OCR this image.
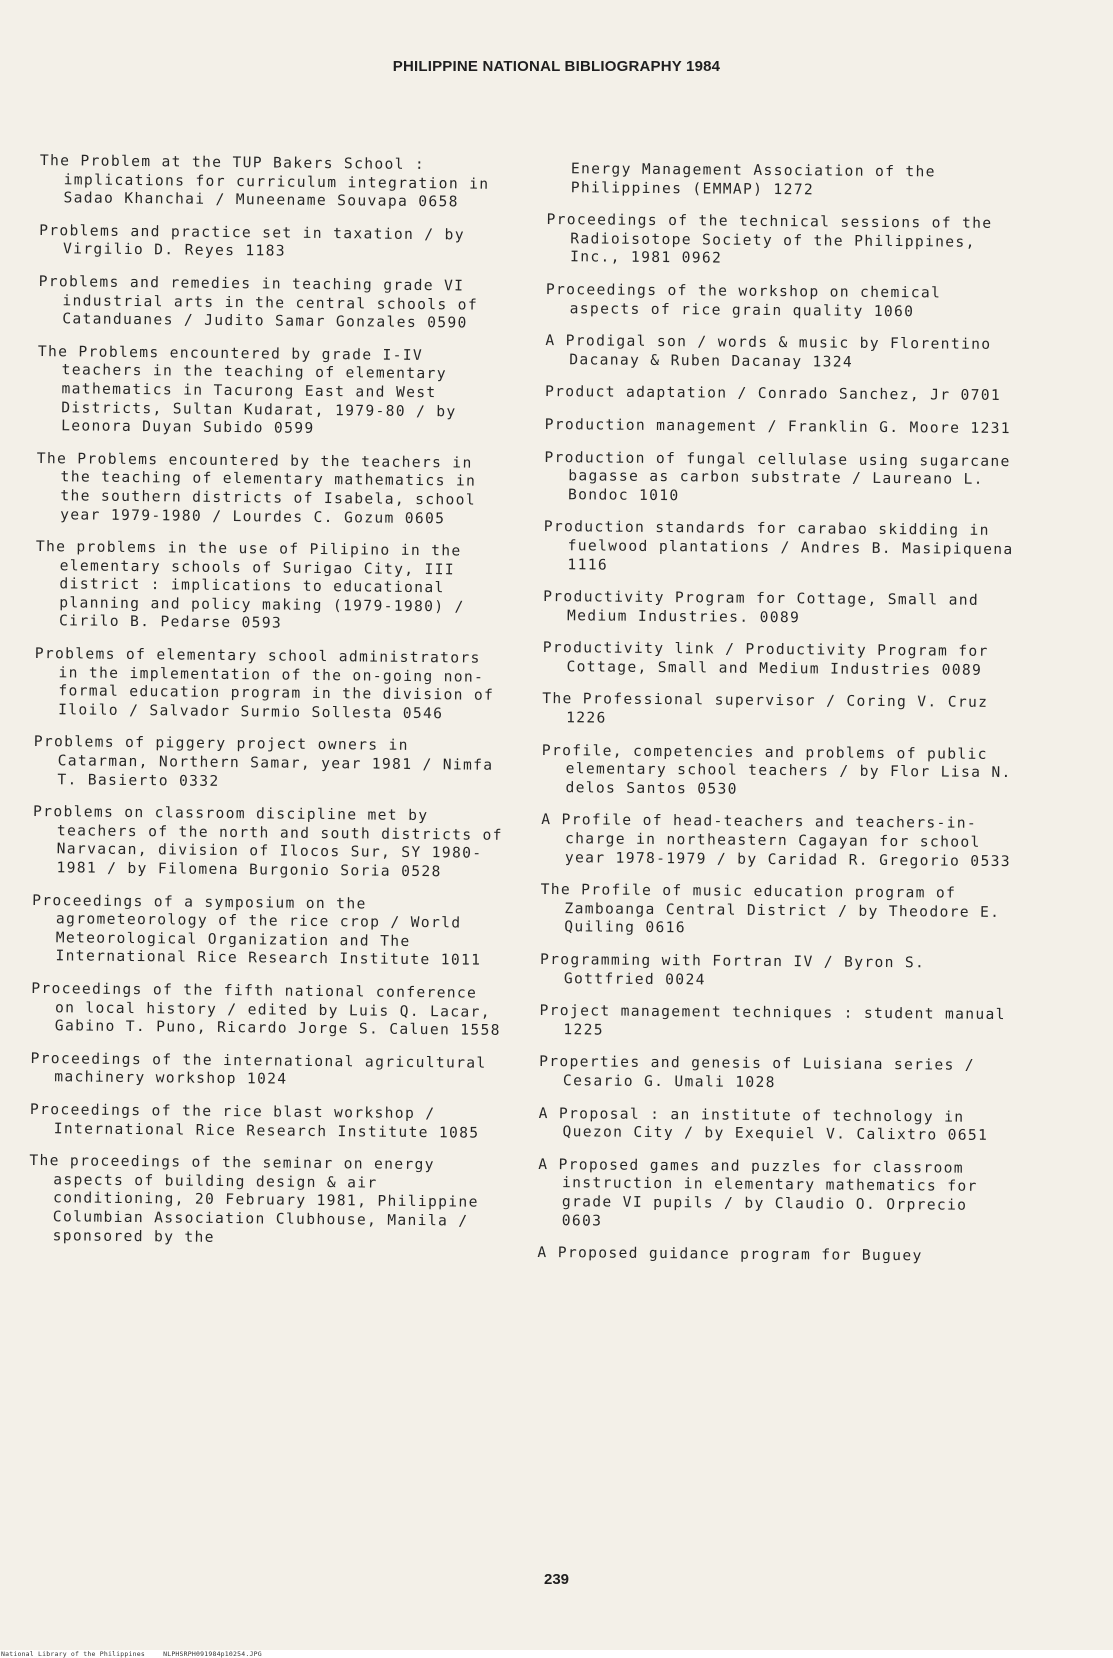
PHILIPPINE NATIONAL BIBLIOGRAPHY 1984

The Problem at the TUP Bakers School : implications for curriculum integration in Sadao Khanchai / Muneename Souvapa 0658

Problems and practice set in taxation / by Virgilio D. Reyes 1183

Problems and remedies in teaching grade VI industrial arts in the central schools of Catanduanes / Judito Samar Gonzales 0590

The Problems encountered by grade I-IV teachers in the teaching of elementary mathematics in Tacurong East and West Districts, Sultan Kudarat, 1979-80 / by Leonora Duyan Subido 0599

The Problems encountered by the teachers in the teaching of elementary mathematics in the southern districts of Isabela, school year 1979-1980 / Lourdes C. Gozum 0605

The problems in the use of Pilipino in the elementary schools of Surigao City, III district : implications to educational planning and policy making (1979-1980) / Cirilo B. Pedarse 0593

Problems of elementary school administrators in the implementation of the on-going non-formal education program in the division of Iloilo / Salvador Surmio Sollesta 0546

Problems of piggery project owners in Catarman, Northern Samar, year 1981 / Nimfa T. Basierto 0332

Problems on classroom discipline met by teachers of the north and south districts of Narvacan, division of Ilocos Sur, SY 1980-1981 / by Filomena Burgonio Soria 0528

Proceedings of a symposium on the agrometeorology of the rice crop / World Meteorological Organization and The International Rice Research Institute 1011

Proceedings of the fifth national conference on local history / edited by Luis Q. Lacar, Gabino T. Puno, Ricardo Jorge S. Caluen 1558

Proceedings of the international agricultural machinery workshop 1024

Proceedings of the rice blast workshop / International Rice Research Institute 1085

The proceedings of the seminar on energy aspects of building design & air conditioning, 20 February 1981, Philippine Columbian Association Clubhouse, Manila / sponsored by the

Energy Management Association of the Philippines (EMMAP) 1272

Proceedings of the technical sessions of the Radioisotope Society of the Philippines, Inc., 1981 0962

Proceedings of the workshop on chemical aspects of rice grain quality 1060

A Prodigal son / words & music by Florentino Dacanay & Ruben Dacanay 1324

Product adaptation / Conrado Sanchez, Jr 0701

Production management / Franklin G. Moore 1231

Production of fungal cellulase using sugarcane bagasse as carbon substrate / Laureano L. Bondoc 1010

Production standards for carabao skidding in fuelwood plantations / Andres B. Masipiquena 1116

Productivity Program for Cottage, Small and Medium Industries. 0089

Productivity link / Productivity Program for Cottage, Small and Medium Industries 0089

The Professional supervisor / Coring V. Cruz 1226

Profile, competencies and problems of public elementary school teachers / by Flor Lisa N. delos Santos 0530

A Profile of head-teachers and teachers-in-charge in northeastern Cagayan for school year 1978-1979 / by Caridad R. Gregorio 0533

The Profile of music education program of Zamboanga Central District / by Theodore E. Quiling 0616

Programming with Fortran IV / Byron S. Gottfried 0024

Project management techniques : student manual 1225

Properties and genesis of Luisiana series / Cesario G. Umali 1028

A Proposal : an institute of technology in Quezon City / by Exequiel V. Calixtro 0651

A Proposed games and puzzles for classroom instruction in elementary mathematics for grade VI pupils / by Claudio O. Orprecio 0603

A Proposed guidance program for Buguey

239
National Library of the Philippines	NLPHSRPH091984p10254.JPG
